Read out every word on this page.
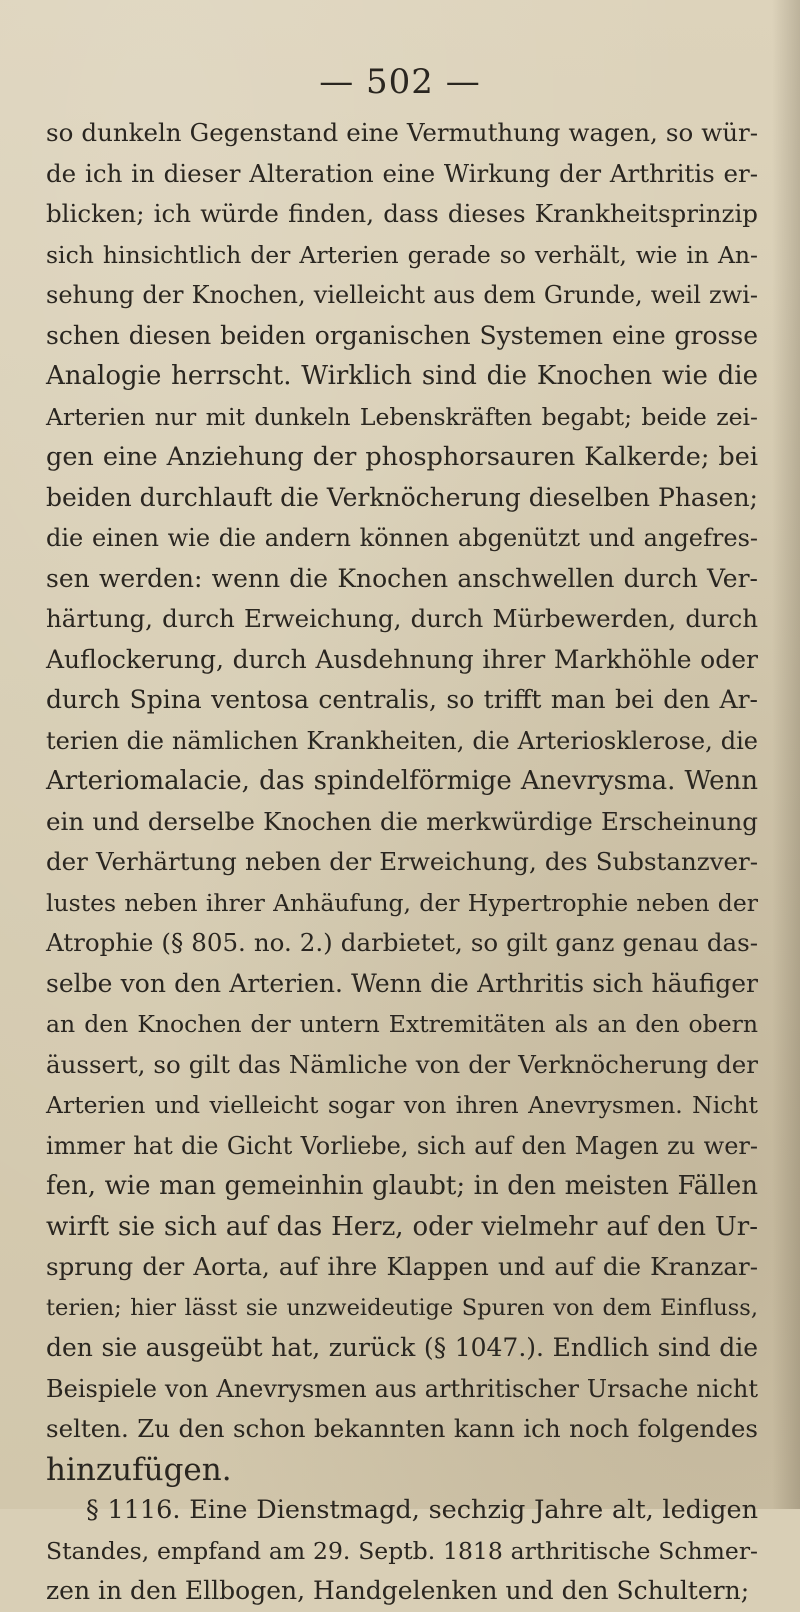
— 502 —
so dunkeln Gegenstand eine Vermuthung wagen, so wür-
de ich in dieser Alteration eine Wirkung der Arthritis er-
blicken; ich würde finden, dass dieses Krankheitsprinzip
sich hinsichtlich der Arterien gerade so verhält, wie in An-
sehung der Knochen, vielleicht aus dem Grunde, weil zwi-
schen diesen beiden organischen Systemen eine grosse
Analogie herrscht. Wirklich sind die Knochen wie die
Arterien nur mit dunkeln Lebenskräften begabt; beide zei-
gen eine Anziehung der phosphorsauren Kalkerde; bei
beiden durchlauft die Verknöcherung dieselben Phasen;
die einen wie die andern können abgenützt und angefres-
sen werden: wenn die Knochen anschwellen durch Ver-
härtung, durch Erweichung, durch Mürbewerden, durch
Auflockerung, durch Ausdehnung ihrer Markhöhle oder
durch Spina ventosa centralis, so trifft man bei den Ar-
terien die nämlichen Krankheiten, die Arteriosklerose, die
Arteriomalacie, das spindelförmige Anevrysma. Wenn
ein und derselbe Knochen die merkwürdige Erscheinung
der Verhärtung neben der Erweichung, des Substanzver-
lustes neben ihrer Anhäufung, der Hypertrophie neben der
Atrophie (§ 805. no. 2.) darbietet, so gilt ganz genau das-
selbe von den Arterien. Wenn die Arthritis sich häufiger
an den Knochen der untern Extremitäten als an den obern
äussert, so gilt das Nämliche von der Verknöcherung der
Arterien und vielleicht sogar von ihren Anevrysmen. Nicht
immer hat die Gicht Vorliebe, sich auf den Magen zu wer-
fen, wie man gemeinhin glaubt; in den meisten Fällen
wirft sie sich auf das Herz, oder vielmehr auf den Ur-
sprung der Aorta, auf ihre Klappen und auf die Kranzar-
terien; hier lässt sie unzweideutige Spuren von dem Einfluss,
den sie ausgeübt hat, zurück (§ 1047.). Endlich sind die
Beispiele von Anevrysmen aus arthritischer Ursache nicht
selten. Zu den schon bekannten kann ich noch folgendes
hinzufügen.
§ 1116. Eine Dienstmagd, sechzig Jahre alt, ledigen
Standes, empfand am 29. Septb. 1818 arthritische Schmer-
zen in den Ellbogen, Handgelenken und den Schultern;
